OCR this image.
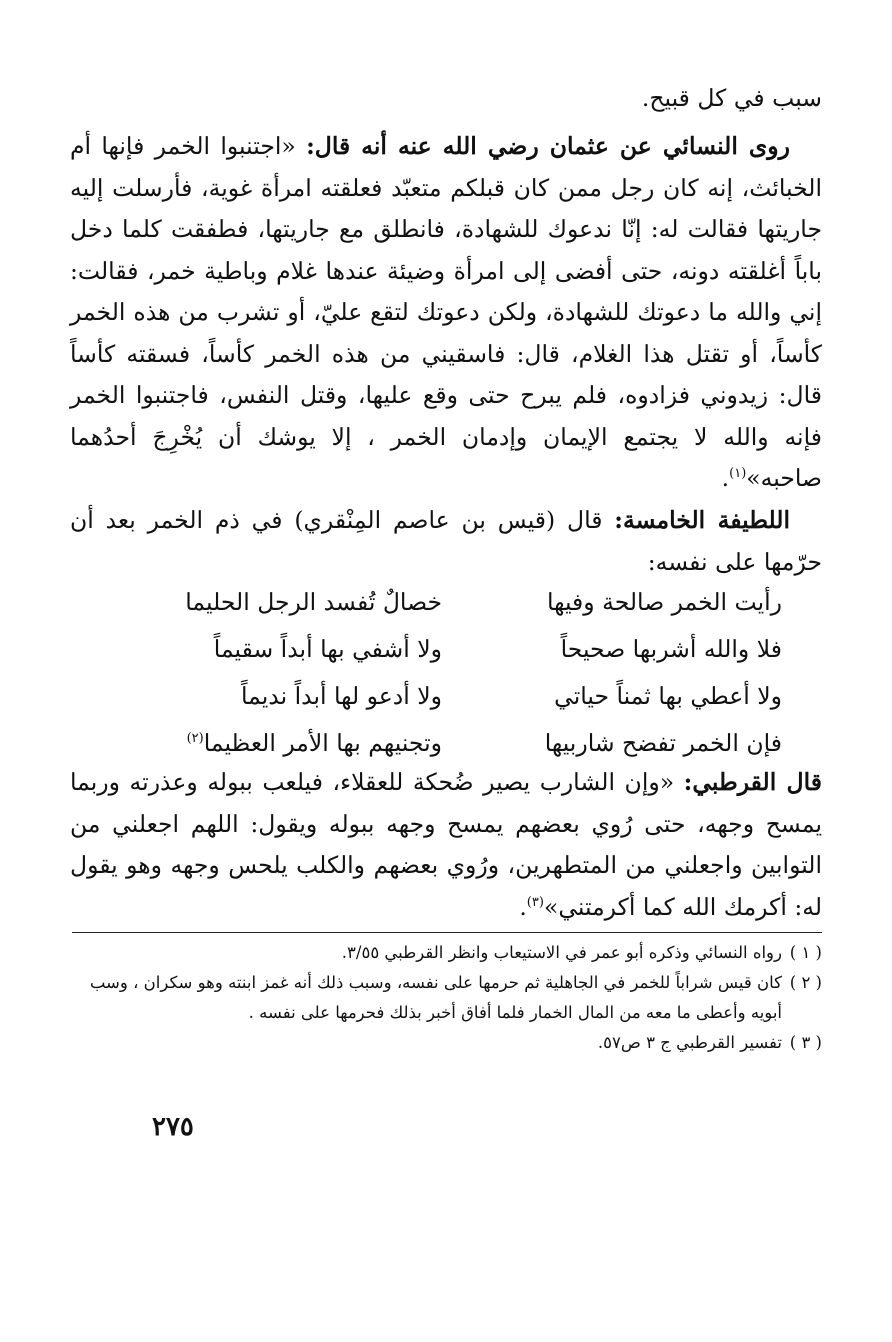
سبب في كل قبيح.

روى النسائي عن عثمان رضي الله عنه أنه قال: «اجتنبوا الخمر فإنها أم الخبائث، إنه كان رجل ممن كان قبلكم متعبّد فعلقته امرأة غوية، فأرسلت إليه جاريتها فقالت له: إنّا ندعوك للشهادة، فانطلق مع جاريتها، فطفقت كلما دخل باباً أغلقته دونه، حتى أفضى إلى امرأة وضيئة عندها غلام وباطية خمر، فقالت: إني والله ما دعوتك للشهادة، ولكن دعوتك لتقع عليّ، أو تشرب من هذه الخمر كأساً، أو تقتل هذا الغلام، قال: فاسقيني من هذه الخمر كأساً، فسقته كأساً قال: زيدوني فزادوه، فلم يبرح حتى وقع عليها، وقتل النفس، فاجتنبوا الخمر فإنه والله لا يجتمع الإيمان وإدمان الخمر ، إلا يوشك أن يُخْرِجَ أحدُهما صاحبه»$^{(١)}$.

اللطيفة الخامسة: قال (قيس بن عاصم المِنْقري) في ذم الخمر بعد أن حرّمها على نفسه:

رأيت الخمر صالحة وفيها
خصالٌ تُفسد الرجل الحليما
فلا والله أشربها صحيحاً
ولا أشفي بها أبداً سقيماً
ولا أعطي بها ثمناً حياتي
ولا أدعو لها أبداً نديماً
فإن الخمر تفضح شاربيها
وتجنيهم بها الأمر العظيما$^{(٢)}$

قال القرطبي: «وإن الشارب يصير ضُحكة للعقلاء، فيلعب ببوله وعذرته وربما يمسح وجهه، حتى رُوي بعضهم يمسح وجهه ببوله ويقول: اللهم اجعلني من التوابين واجعلني من المتطهرين، ورُوي بعضهم والكلب يلحس وجهه وهو يقول له: أكرمك الله كما أكرمتني»$^{(٣)}$.

( ١ )
رواه النسائي وذكره أبو عمر في الاستيعاب وانظر القرطبي ٣/٥٥.

( ٢ )
كان قيس شراباً للخمر في الجاهلية ثم حرمها على نفسه، وسبب ذلك أنه غمز ابنته وهو سكران ، وسب أبويه وأعطى ما معه من المال الخمار فلما أفاق أخبر بذلك فحرمها على نفسه .

( ٣ )
تفسير القرطبي ج ٣ ص٥٧.

٢٧٥
